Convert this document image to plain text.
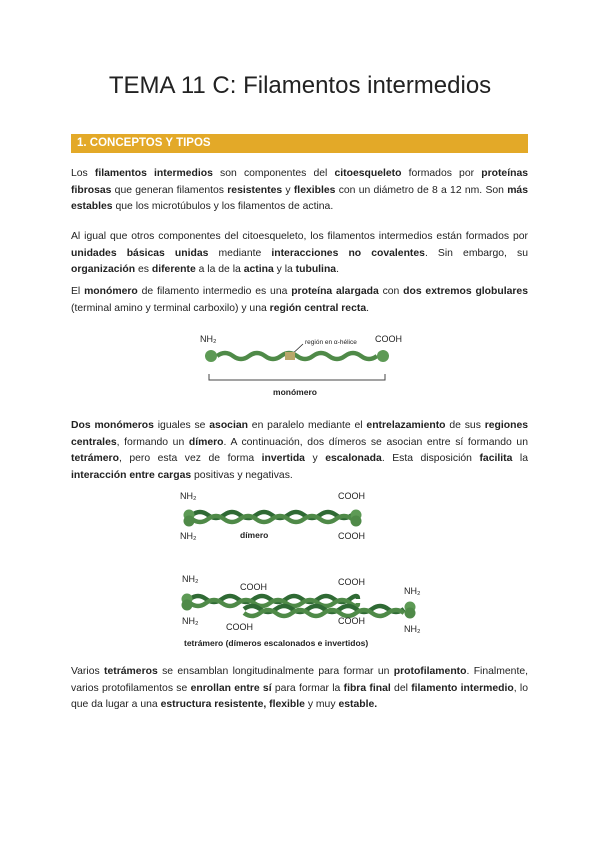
TEMA 11 C: Filamentos intermedios
1. CONCEPTOS Y TIPOS
Los filamentos intermedios son componentes del citoesqueleto formados por proteínas fibrosas que generan filamentos resistentes y flexibles con un diámetro de 8 a 12 nm. Son más estables que los microtúbulos y los filamentos de actina.
Al igual que otros componentes del citoesqueleto, los filamentos intermedios están formados por unidades básicas unidas mediante interacciones no covalentes. Sin embargo, su organización es diferente a la de la actina y la tubulina.
El monómero de filamento intermedio es una proteína alargada con dos extremos globulares (terminal amino y terminal carboxilo) y una región central recta.
NH₂	COOH
región en α-hélice
monómero
Dos monómeros iguales se asocian en paralelo mediante el entrelazamiento de sus regiones centrales, formando un dímero. A continuación, dos dímeros se asocian entre sí formando un tetrámero, pero esta vez de forma invertida y escalonada. Esta disposición facilita la interacción entre cargas positivas y negativas.
NH₂	COOH
dímero
NH₂	COOH
NH₂
COOH	COOH
NH₂
NH₂
COOH
COOH
NH₂
tetrámero (dímeros escalonados e invertidos)
Varios tetrámeros se ensamblan longitudinalmente para formar un protofilamento. Finalmente, varios protofilamentos se enrollan entre sí para formar la fibra final del filamento intermedio, lo que da lugar a una estructura resistente, flexible y muy estable.
